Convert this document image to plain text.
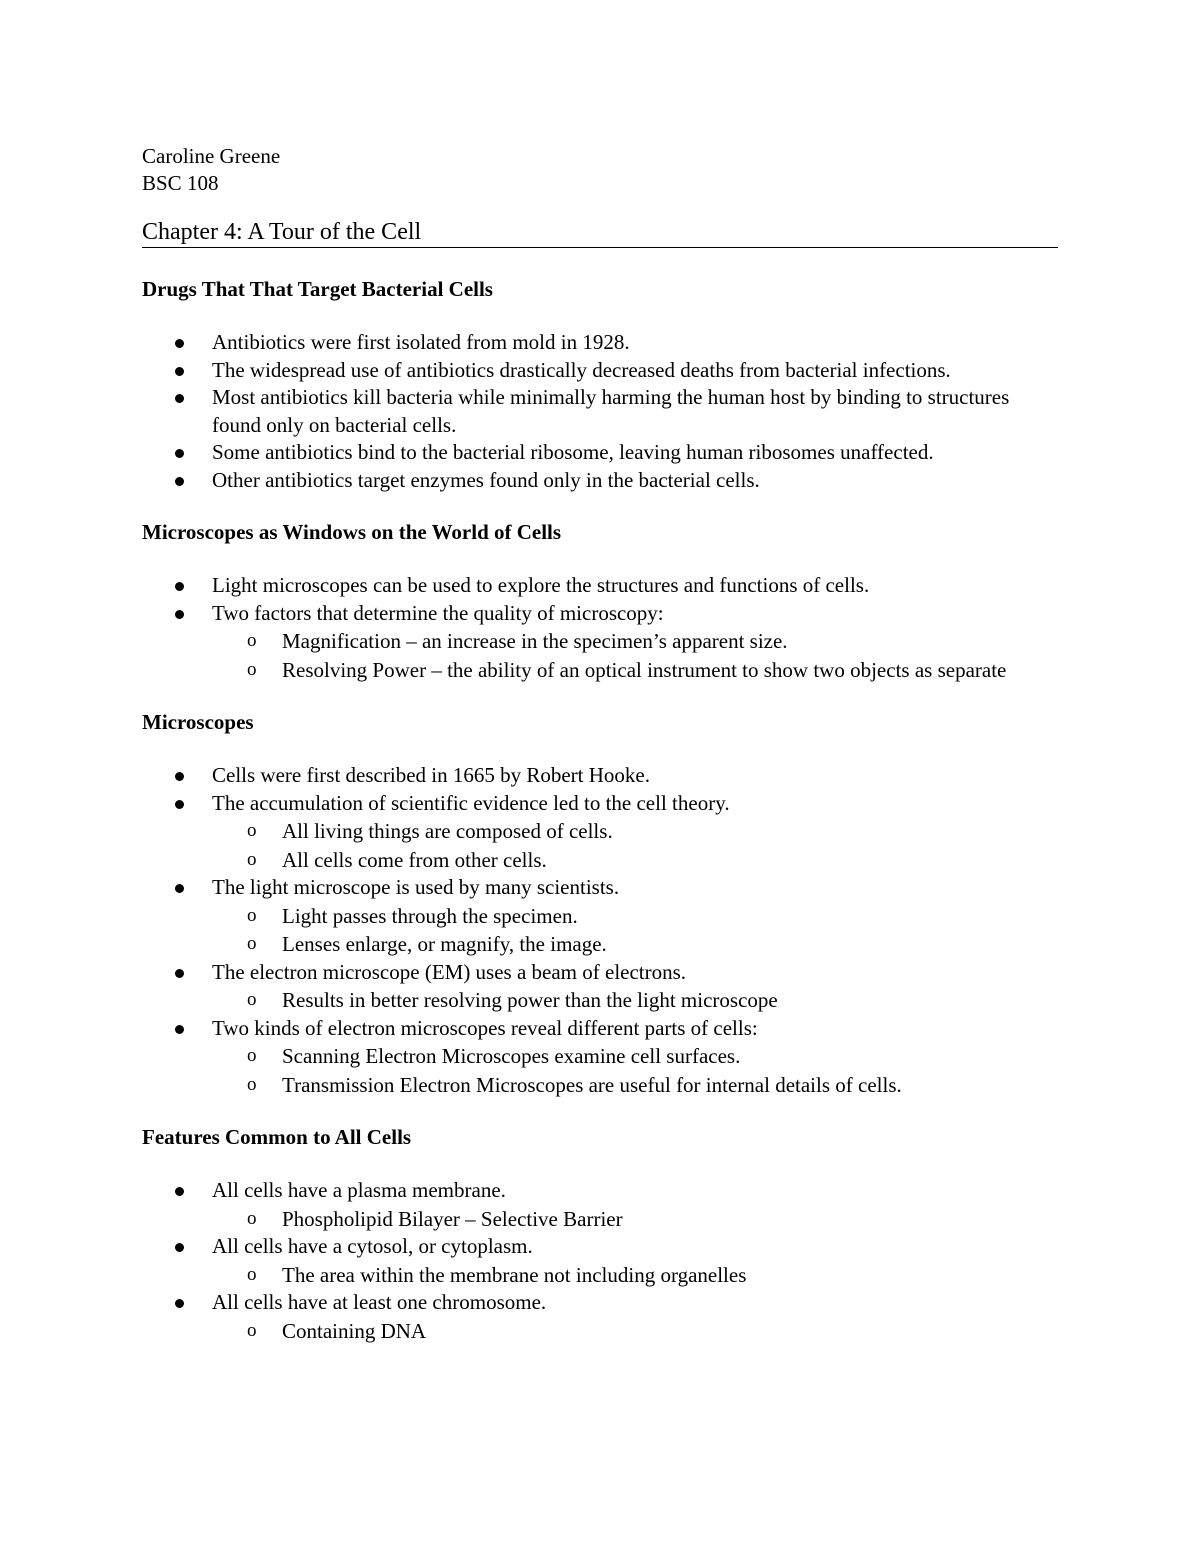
Caroline Greene

BSC 108

Chapter 4: A Tour of the Cell

Drugs That That Target Bacterial Cells

Antibiotics were first isolated from mold in 1928.
The widespread use of antibiotics drastically decreased deaths from bacterial infections.
Most antibiotics kill bacteria while minimally harming the human host by binding to structures found only on bacterial cells.
Some antibiotics bind to the bacterial ribosome, leaving human ribosomes unaffected.
Other antibiotics target enzymes found only in the bacterial cells.

Microscopes as Windows on the World of Cells

Light microscopes can be used to explore the structures and functions of cells.
Two factors that determine the quality of microscopy:
o Magnification – an increase in the specimen’s apparent size.
o Resolving Power – the ability of an optical instrument to show two objects as separate

Microscopes

Cells were first described in 1665 by Robert Hooke.
The accumulation of scientific evidence led to the cell theory.
o All living things are composed of cells.
o All cells come from other cells.
The light microscope is used by many scientists.
o Light passes through the specimen.
o Lenses enlarge, or magnify, the image.
The electron microscope (EM) uses a beam of electrons.
o Results in better resolving power than the light microscope
Two kinds of electron microscopes reveal different parts of cells:
o Scanning Electron Microscopes examine cell surfaces.
o Transmission Electron Microscopes are useful for internal details of cells.

Features Common to All Cells

All cells have a plasma membrane.
o Phospholipid Bilayer – Selective Barrier
All cells have a cytosol, or cytoplasm.
o The area within the membrane not including organelles
All cells have at least one chromosome.
o Containing DNA
